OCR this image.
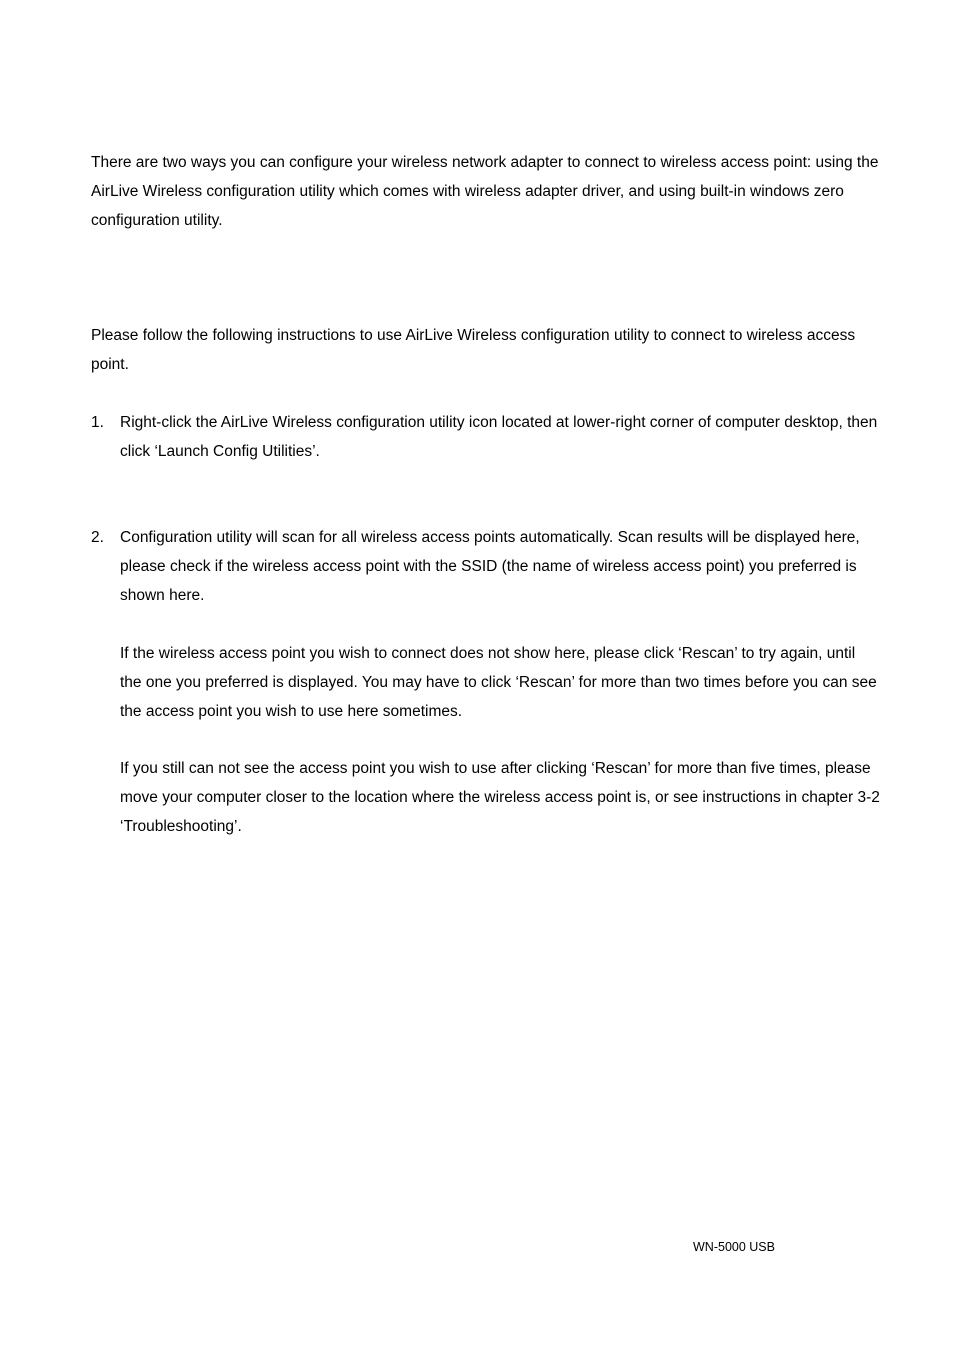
There are two ways you can configure your wireless network adapter to connect to wireless access point: using the AirLive Wireless configuration utility which comes with wireless adapter driver, and using built-in windows zero configuration utility.

Please follow the following instructions to use AirLive Wireless configuration utility to connect to wireless access point.

1. Right-click the AirLive Wireless configuration utility icon located at lower-right corner of computer desktop, then click ‘Launch Config Utilities’.
2. Configuration utility will scan for all wireless access points automatically. Scan results will be displayed here, please check if the wireless access point with the SSID (the name of wireless access point) you preferred is shown here.

If the wireless access point you wish to connect does not show here, please click ‘Rescan’ to try again, until the one you preferred is displayed. You may have to click ‘Rescan’ for more than two times before you can see the access point you wish to use here sometimes.

If you still can not see the access point you wish to use after clicking ‘Rescan’ for more than five times, please move your computer closer to the location where the wireless access point is, or see instructions in chapter 3-2 ‘Troubleshooting’.

WN-5000 USB
